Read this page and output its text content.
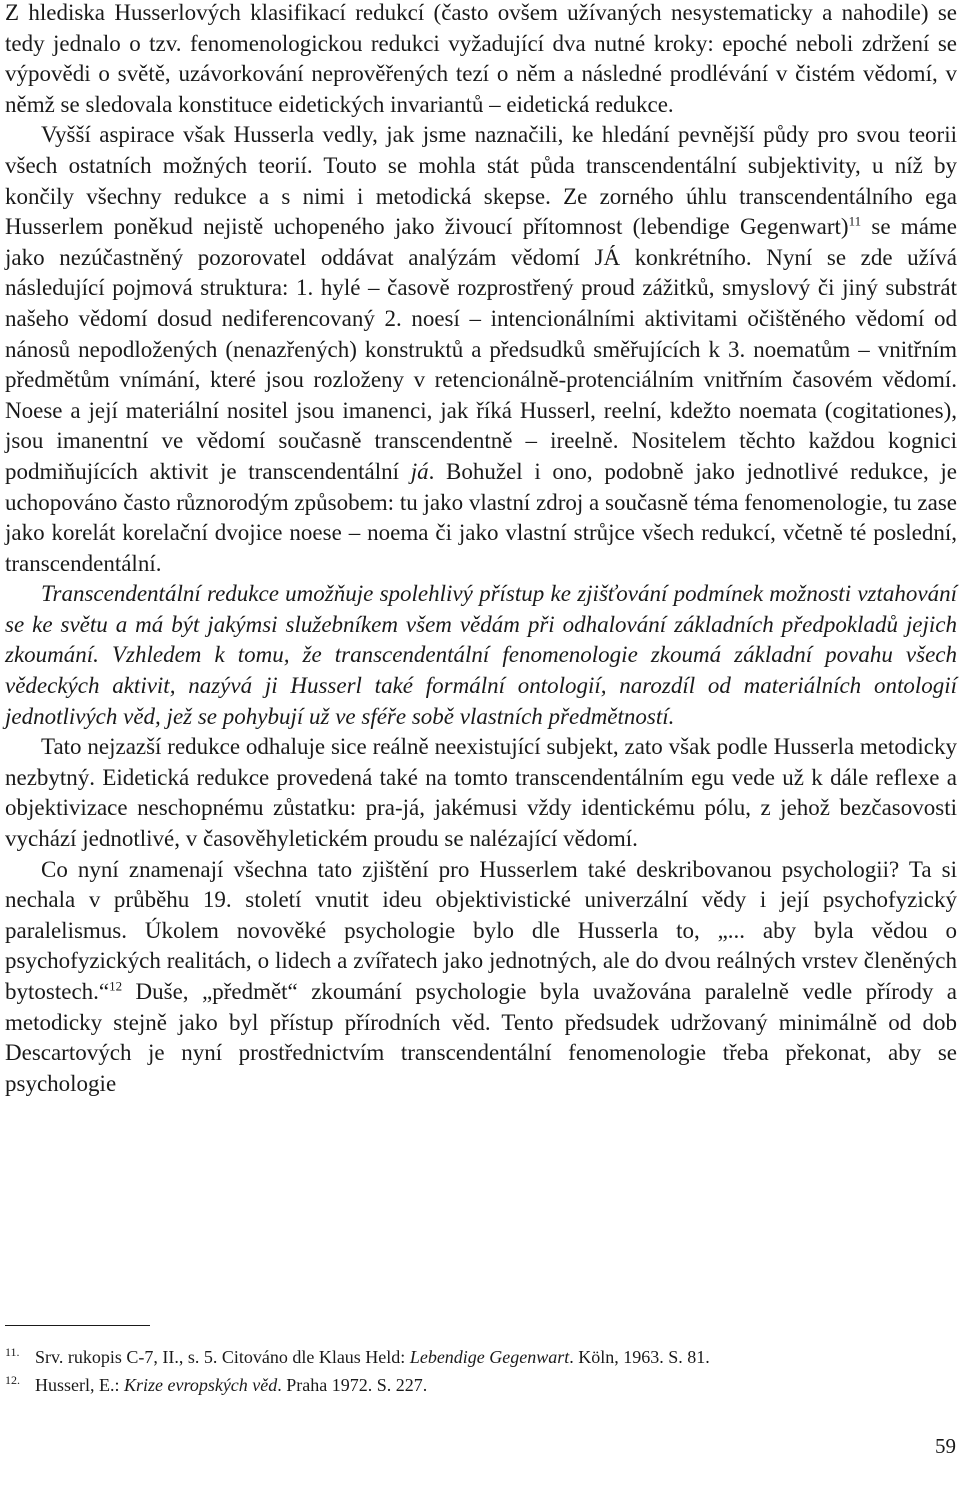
Z hlediska Husserlových klasifikací redukcí (často ovšem užívaných nesystematicky a nahodile) se tedy jednalo o tzv. fenomenologickou redukci vyžadující dva nutné kroky: epoché neboli zdržení se výpovědi o světě, uzávorkování neprověřených tezí o něm a následné prodlévání v čistém vědomí, v němž se sledovala konstituce eidetických invariantů – eidetická redukce.

Vyšší aspirace však Husserla vedly, jak jsme naznačili, ke hledání pevnější půdy pro svou teorii všech ostatních možných teorií. Touto se mohla stát půda transcendentální subjektivity, u níž by končily všechny redukce a s nimi i metodická skepse. Ze zorného úhlu transcendentálního ega Husserlem poněkud nejistě uchopeného jako živoucí přítomnost (lebendige Gegenwart)$^{11}$ se máme jako nezúčastněný pozorovatel oddávat analýzám vědomí JÁ konkrétního. Nyní se zde užívá následující pojmová struktura: 1. hylé – časově rozprostřený proud zážitků, smyslový či jiný substrát našeho vědomí dosud nediferencovaný 2. noesí – intencionálními aktivitami očištěného vědomí od nánosů nepodložených (nenazřených) konstruktů a předsudků směřujících k 3. noematům – vnitřním předmětům vnímání, které jsou rozloženy v retencionálně-protenciálním vnitřním časovém vědomí. Noese a její materiální nositel jsou imanenci, jak říká Husserl, reelní, kdežto noemata (cogitationes), jsou imanentní ve vědomí současně transcendentně – ireelně. Nositelem těchto každou kognici podmiňujících aktivit je transcendentální já. Bohužel i ono, podobně jako jednotlivé redukce, je uchopováno často různorodým způsobem: tu jako vlastní zdroj a současně téma fenomenologie, tu zase jako korelát korelační dvojice noese – noema či jako vlastní strůjce všech redukcí, včetně té poslední, transcendentální.

Transcendentální redukce umožňuje spolehlivý přístup ke zjišťování podmínek možnosti vztahování se ke světu a má být jakýmsi služebníkem všem vědám při odhalování základních předpokladů jejich zkoumání. Vzhledem k tomu, že transcendentální fenomenologie zkoumá základní povahu všech vědeckých aktivit, nazývá ji Husserl také formální ontologií, narozdíl od materiálních ontologií jednotlivých věd, jež se pohybují už ve sféře sobě vlastních předmětností.

Tato nejzazší redukce odhaluje sice reálně neexistující subjekt, zato však podle Husserla metodicky nezbytný. Eidetická redukce provedená také na tomto transcendentálním egu vede už k dále reflexe a objektivizace neschopnému zůstatku: pra-já, jakémusi vždy identickému pólu, z jehož bezčasovosti vychází jednotlivé, v časověhyletickém proudu se nalézající vědomí.

Co nyní znamenají všechna tato zjištění pro Husserlem také deskribovanou psychologii? Ta si nechala v průběhu 19. století vnutit ideu objektivistické univerzální vědy i její psychofyzický paralelismus. Úkolem novověké psychologie bylo dle Husserla to, „... aby byla vědou o psychofyzických realitách, o lidech a zvířatech jako jednotných, ale do dvou reálných vrstev členěných bytostech.“$^{12}$ Duše, „předmět“ zkoumání psychologie byla uvažována paralelně vedle přírody a metodicky stejně jako byl přístup přírodních věd. Tento předsudek udržovaný minimálně od dob Descartových je nyní prostřednictvím transcendentální fenomenologie třeba překonat, aby se psychologie

11. Srv. rukopis C-7, II., s. 5. Citováno dle Klaus Held: Lebendige Gegenwart. Köln, 1963. S. 81.
12. Husserl, E.: Krize evropských věd. Praha 1972. S. 227.
59
